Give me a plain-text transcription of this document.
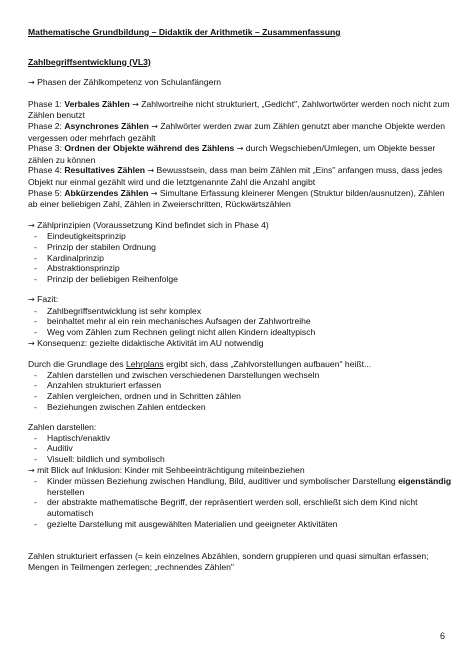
Mathematische Grundbildung – Didaktik der Arithmetik – Zusammenfassung
Zahlbegriffsentwicklung (VL3)
→ Phasen der Zählkompetenz von Schulanfängern
Phase 1: Verbales Zählen → Zahlwortreihe nicht strukturiert, „Gedicht", Zahlwortwörter werden noch nicht zum Zählen benutzt
Phase 2: Asynchrones Zählen → Zahlwörter werden zwar zum Zählen genutzt aber manche Objekte werden vergessen oder mehrfach gezählt
Phase 3: Ordnen der Objekte während des Zählens → durch Wegschieben/Umlegen, um Objekte besser zählen zu können
Phase 4: Resultatives Zählen → Bewusstsein, dass man beim Zählen mit „Eins" anfangen muss, dass jedes Objekt nur einmal gezählt wird und die letztgenannte Zahl die Anzahl angibt
Phase 5: Abkürzendes Zählen → Simultane Erfassung kleinerer Mengen (Struktur bilden/ausnutzen), Zählen ab einer beliebigen Zahl, Zählen in Zweierschritten, Rückwärtszählen
→ Zählprinzipien (Voraussetzung Kind befindet sich in Phase 4)
- Eindeutigkeitsprinzip
- Prinzip der stabilen Ordnung
- Kardinalprinzip
- Abstraktionsprinzip
- Prinzip der beliebigen Reihenfolge
→ Fazit:
- Zahlbegriffsentwicklung ist sehr komplex
- beinhaltet mehr al ein rein mechanisches Aufsagen der Zahlwortreihe
- Weg vom Zählen zum Rechnen gelingt nicht allen Kindern idealtypisch
→ Konsequenz: gezielte didaktische Aktivität im AU notwendig
Durch die Grundlage des Lehrplans ergibt sich, dass „Zahlvorstellungen aufbauen" heißt...
- Zahlen darstellen und zwischen verschiedenen Darstellungen wechseln
- Anzahlen strukturiert erfassen
- Zahlen vergleichen, ordnen und in Schritten zählen
- Beziehungen zwischen Zahlen entdecken
Zahlen darstellen:
- Haptisch/enaktiv
- Auditiv
- Visuell: bildlich und symbolisch
→ mit Blick auf Inklusion: Kinder mit Sehbeeinträchtigung miteinbeziehen
- Kinder müssen Beziehung zwischen Handlung, Bild, auditiver und symbolischer Darstellung eigenständig herstellen
- der abstrakte mathematische Begriff, der repräsentiert werden soll, erschließt sich dem Kind nicht automatisch
- gezielte Darstellung mit ausgewählten Materialien und geeigneter Aktivitäten
Zahlen strukturiert erfassen (= kein einzelnes Abzählen, sondern gruppieren und quasi simultan erfassen; Mengen in Teilmengen zerlegen; „rechnendes Zählen"
6
